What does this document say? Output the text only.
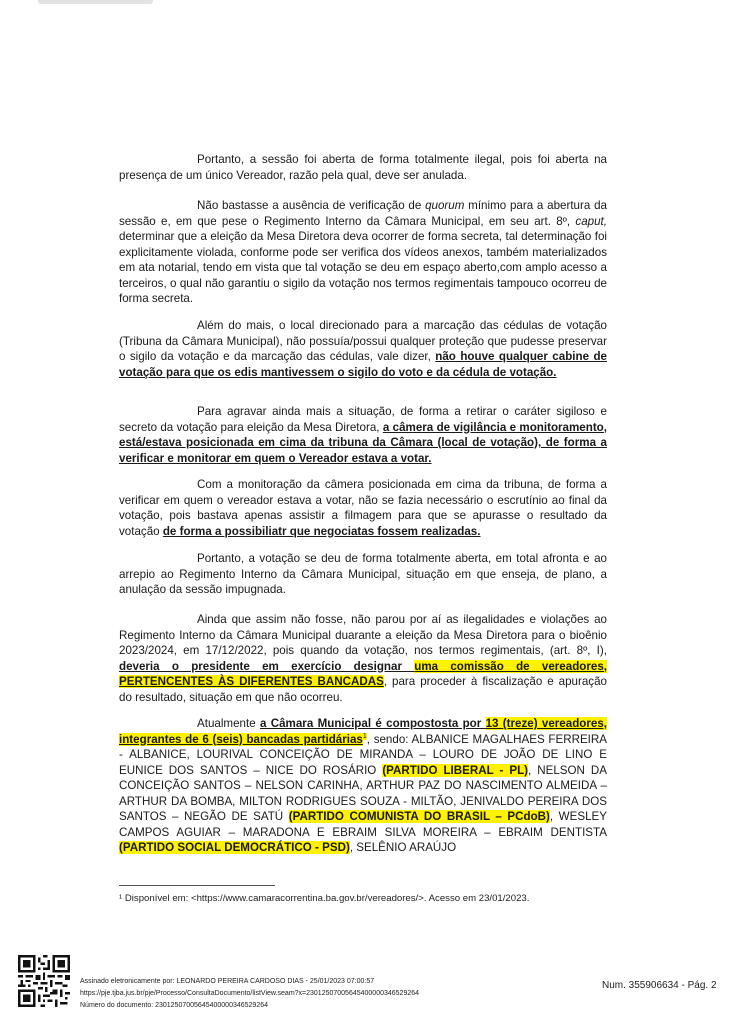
Portanto, a sessão foi aberta de forma totalmente ilegal, pois foi aberta na presença de um único Vereador, razão pela qual, deve ser anulada.

Não bastasse a ausência de verificação de quorum mínimo para a abertura da sessão e, em que pese o Regimento Interno da Câmara Municipal, em seu art. 8º, caput, determinar que a eleição da Mesa Diretora deva ocorrer de forma secreta, tal determinação foi explicitamente violada, conforme pode ser verifica dos vídeos anexos, também materializados em ata notarial, tendo em vista que tal votação se deu em espaço aberto,com amplo acesso a terceiros, o qual não garantiu o sigilo da votação nos termos regimentais tampouco ocorreu de forma secreta.

Além do mais, o local direcionado para a marcação das cédulas de votação (Tribuna da Câmara Municipal), não possuía/possui qualquer proteção que pudesse preservar o sigilo da votação e da marcação das cédulas, vale dizer, não houve qualquer cabine de votação para que os edis mantivessem o sigilo do voto e da cédula de votação.

Para agravar ainda mais a situação, de forma a retirar o caráter sigiloso e secreto da votação para eleição da Mesa Diretora, a câmera de vigilância e monitoramento, está/estava posicionada em cima da tribuna da Câmara (local de votação), de forma a verificar e monitorar em quem o Vereador estava a votar.

Com a monitoração da câmera posicionada em cima da tribuna, de forma a verificar em quem o vereador estava a votar, não se fazia necessário o escrutínio ao final da votação, pois bastava apenas assistir a filmagem para que se apurasse o resultado da votação de forma a possibiliatr que negociatas fossem realizadas.

Portanto, a votação se deu de forma totalmente aberta, em total afronta e ao arrepio ao Regimento Interno da Câmara Municipal, situação em que enseja, de plano, a anulação da sessão impugnada.

Ainda que assim não fosse, não parou por aí as ilegalidades e violações ao Regimento Interno da Câmara Municipal duarante a eleição da Mesa Diretora para o bioênio 2023/2024, em 17/12/2022, pois quando da votação, nos termos regimentais, (art. 8º, I), deveria o presidente em exercício designar uma comissão de vereadores, PERTENCENTES ÀS DIFERENTES BANCADAS, para proceder à fiscalização e apuração do resultado, situação em que não ocorreu.

Atualmente a Câmara Municipal é compostosta por 13 (treze) vereadores, integrantes de 6 (seis) bancadas partidárias$^1$, sendo: ALBANICE MAGALHAES FERREIRA - ALBANICE, LOURIVAL CONCEIÇÃO DE MIRANDA – LOURO DE JOÃO DE LINO E EUNICE DOS SANTOS – NICE DO ROSÁRIO (PARTIDO LIBERAL - PL), NELSON DA CONCEIÇÃO SANTOS – NELSON CARINHA, ARTHUR PAZ DO NASCIMENTO ALMEIDA – ARTHUR DA BOMBA, MILTON RODRIGUES SOUZA - MILTÃO, JENIVALDO PEREIRA DOS SANTOS – NEGÃO DE SATÚ (PARTIDO COMUNISTA DO BRASIL – PCdoB), WESLEY CAMPOS AGUIAR – MARADONA E EBRAIM SILVA MOREIRA – EBRAIM DENTISTA (PARTIDO SOCIAL DEMOCRÁTICO - PSD), SELÊNIO ARAÚJO

¹ Disponível em: <https://www.camaracorrentina.ba.gov.br/vereadores/>. Acesso em 23/01/2023.
Assinado eletronicamente por: LEONARDO PEREIRA CARDOSO DIAS - 25/01/2023 07:00:57
https://pje.tjba.jus.br/pje/Processo/ConsultaDocumento/listView.seam?x=23012507005645400000346529264
Número do documento: 23012507005645400000346529264
Num. 355906634 - Pág. 2
